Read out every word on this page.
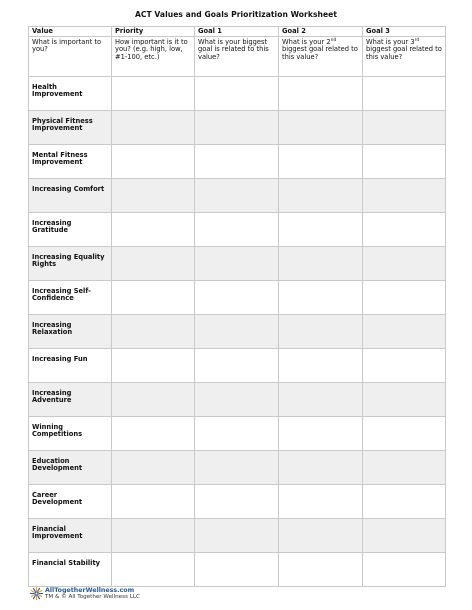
ACT Values and Goals Prioritization Worksheet
Value	Priority	Goal 1	Goal 2	Goal 3
What is important to you?	How important is it to you? (e.g. high, low, #1-100, etc.)	What is your biggest goal is related to this value?	What is your 2nd biggest goal related to this value?	What is your 3rd biggest goal related to this value?
Health Improvement				
Physical Fitness Improvement				
Mental Fitness Improvement				
Increasing Comfort				
Increasing Gratitude				
Increasing Equality Rights				
Increasing Self-Confidence				
Increasing Relaxation				
Increasing Fun				
Increasing Adventure				
Winning Competitions				
Education Development				
Career Development				
Financial Improvement				
Financial Stability				
AllTogetherWellness.com
TM & © All Together Wellness LLC
